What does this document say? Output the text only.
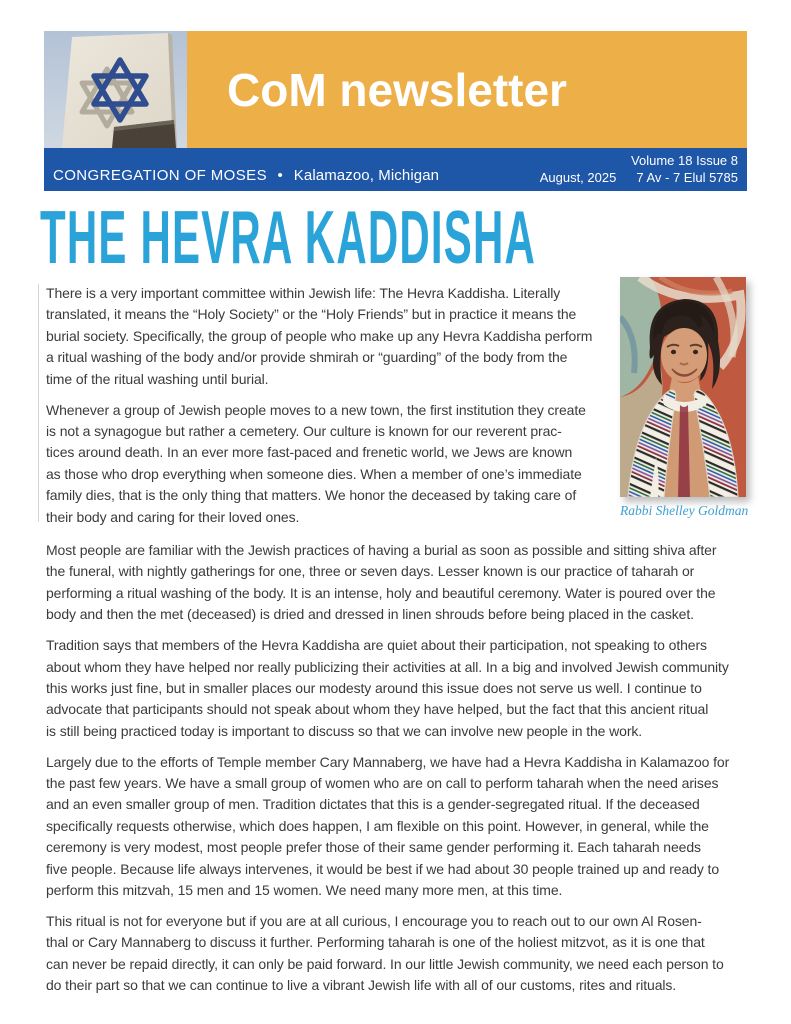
CoM newsletter
CONGREGATION OF MOSES • Kalamazoo, Michigan
Volume 18 Issue 8
August, 2025 7 Av - 7 Elul 5785
THE HEVRA KADDISHA

There is a very important committee within Jewish life: The Hevra Kaddisha. Literally
translated, it means the “Holy Society” or the “Holy Friends” but in practice it means the
burial society. Specifically, the group of people who make up any Hevra Kaddisha perform
a ritual washing of the body and/or provide shmirah or “guarding” of the body from the
time of the ritual washing until burial.

Whenever a group of Jewish people moves to a new town, the first institution they create
is not a synagogue but rather a cemetery. Our culture is known for our reverent prac-
tices around death. In an ever more fast-paced and frenetic world, we Jews are known
as those who drop everything when someone dies. When a member of one’s immediate
family dies, that is the only thing that matters. We honor the deceased by taking care of
their body and caring for their loved ones.

Most people are familiar with the Jewish practices of having a burial as soon as possible and sitting shiva after
the funeral, with nightly gatherings for one, three or seven days. Lesser known is our practice of taharah or
performing a ritual washing of the body. It is an intense, holy and beautiful ceremony. Water is poured over the
body and then the met (deceased) is dried and dressed in linen shrouds before being placed in the casket.

Tradition says that members of the Hevra Kaddisha are quiet about their participation, not speaking to others
about whom they have helped nor really publicizing their activities at all. In a big and involved Jewish community
this works just fine, but in smaller places our modesty around this issue does not serve us well. I continue to
advocate that participants should not speak about whom they have helped, but the fact that this ancient ritual
is still being practiced today is important to discuss so that we can involve new people in the work.

Largely due to the efforts of Temple member Cary Mannaberg, we have had a Hevra Kaddisha in Kalamazoo for
the past few years. We have a small group of women who are on call to perform taharah when the need arises
and an even smaller group of men. Tradition dictates that this is a gender-segregated ritual. If the deceased
specifically requests otherwise, which does happen, I am flexible on this point. However, in general, while the
ceremony is very modest, most people prefer those of their same gender performing it. Each taharah needs
five people. Because life always intervenes, it would be best if we had about 30 people trained up and ready to
perform this mitzvah, 15 men and 15 women. We need many more men, at this time.

This ritual is not for everyone but if you are at all curious, I encourage you to reach out to our own Al Rosen-
thal or Cary Mannaberg to discuss it further. Performing taharah is one of the holiest mitzvot, as it is one that
can never be repaid directly, it can only be paid forward. In our little Jewish community, we need each person to
do their part so that we can continue to live a vibrant Jewish life with all of our customs, rites and rituals.

Rabbi Shelley Goldman
